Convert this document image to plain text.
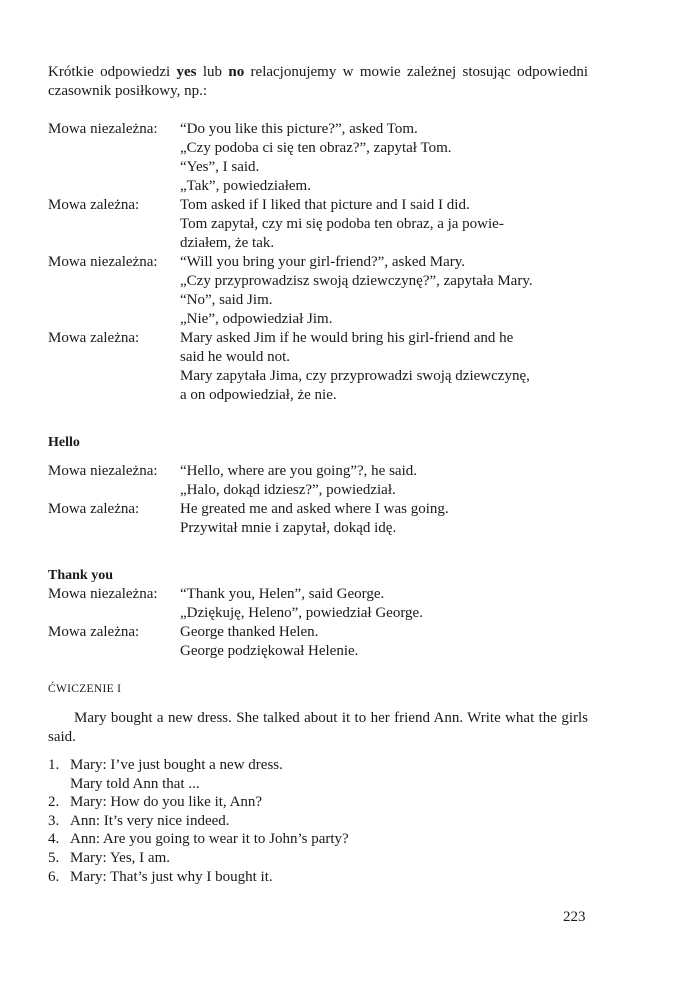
Krótkie odpowiedzi yes lub no relacjonujemy w mowie zależnej stosując odpowiedni czasownik posiłkowy, np.:

Mowa niezależna:	“Do you like this picture?”, asked Tom.
„Czy podoba ci się ten obraz?”, zapytał Tom.
“Yes”, I said.
„Tak”, powiedziałem.
Mowa zależna:	Tom asked if I liked that picture and I said I did.
Tom zapytał, czy mi się podoba ten obraz, a ja powie-
działem, że tak.
Mowa niezależna:	“Will you bring your girl-friend?”, asked Mary.
„Czy przyprowadzisz swoją dziewczynę?”, zapytała Mary.
“No”, said Jim.
„Nie”, odpowiedział Jim.
Mowa zależna:	Mary asked Jim if he would bring his girl-friend and he
said he would not.
Mary zapytała Jima, czy przyprowadzi swoją dziewczynę,
a on odpowiedział, że nie.
Hello
Mowa niezależna:	“Hello, where are you going”?, he said.
„Halo, dokąd idziesz?”, powiedział.
Mowa zależna:	He greated me and asked where I was going.
Przywitał mnie i zapytał, dokąd idę.
Thank you
Mowa niezależna:	“Thank you, Helen”, said George.
„Dziękuję, Heleno”, powiedział George.
Mowa zależna:	George thanked Helen.
George podziękował Helenie.
ĆWICZENIE I

Mary bought a new dress. She talked about it to her friend Ann. Write what the girls said.

1. Mary: I’ve just bought a new dress.
Mary told Ann that ...
2. Mary: How do you like it, Ann?
3. Ann: It’s very nice indeed.
4. Ann: Are you going to wear it to John’s party?
5. Mary: Yes, I am.
6. Mary: That’s just why I bought it.
223
